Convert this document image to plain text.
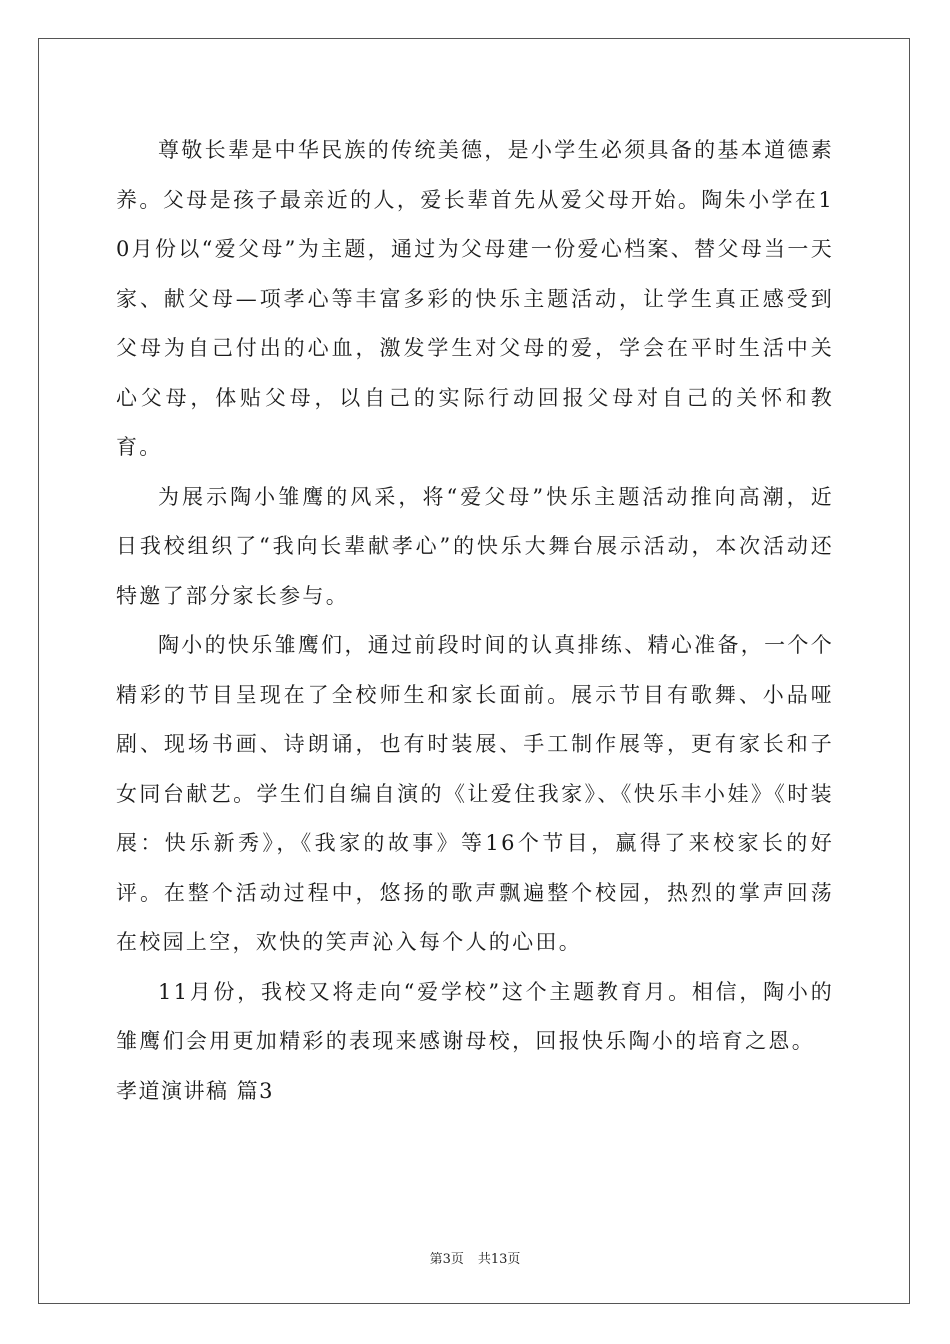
尊敬长辈是中华民族的传统美德，是小学生必须具备的基本道德素养。父母是孩子最亲近的人，爱长辈首先从爱父母开始。陶朱小学在10月份以“爱父母”为主题，通过为父母建一份爱心档案、替父母当一天家、献父母—项孝心等丰富多彩的快乐主题活动，让学生真正感受到父母为自己付出的心血，激发学生对父母的爱，学会在平时生活中关心父母，体贴父母，以自己的实际行动回报父母对自己的关怀和教育。

为展示陶小雏鹰的风采，将“爱父母”快乐主题活动推向高潮，近日我校组织了“我向长辈献孝心”的快乐大舞台展示活动，本次活动还特邀了部分家长参与。

陶小的快乐雏鹰们，通过前段时间的认真排练、精心准备，一个个精彩的节目呈现在了全校师生和家长面前。展示节目有歌舞、小品哑剧、现场书画、诗朗诵，也有时装展、手工制作展等，更有家长和子女同台献艺。学生们自编自演的《让爱住我家》、《快乐丰小娃》《时装展：快乐新秀》，《我家的故事》等16个节目，赢得了来校家长的好评。在整个活动过程中，悠扬的歌声飘遍整个校园，热烈的掌声回荡在校园上空，欢快的笑声沁入每个人的心田。

11月份，我校又将走向“爱学校”这个主题教育月。相信，陶小的雏鹰们会用更加精彩的表现来感谢母校，回报快乐陶小的培育之恩。

孝道演讲稿 篇3

第3页 共13页
